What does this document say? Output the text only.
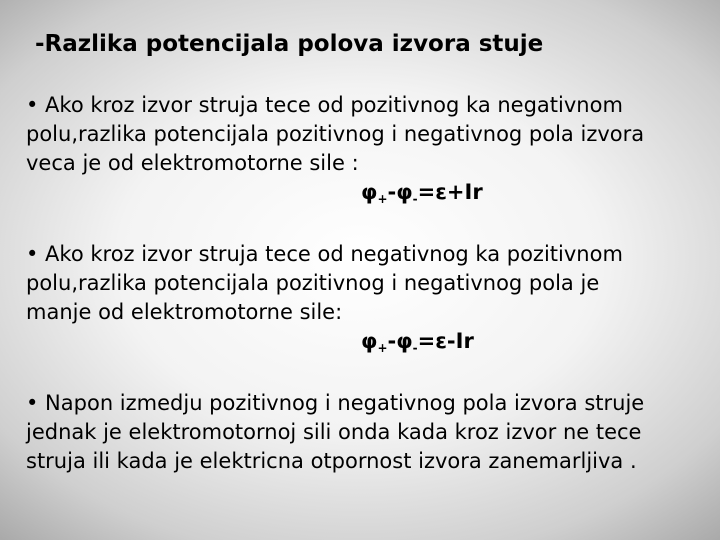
-Razlika potencijala polova izvora stuje
• Ako kroz izvor struja tece od pozitivnog ka negativnom
polu,razlika potencijala pozitivnog i negativnog pola izvora
veca je od elektromotorne sile :
$\varphi_+-\varphi_-=\varepsilon+Ir$
• Ako kroz izvor struja tece od negativnog ka pozitivnom
polu,razlika potencijala pozitivnog i negativnog pola je
manje od elektromotorne sile:
$\varphi_+-\varphi_-=\varepsilon-Ir$
• Napon izmedju pozitivnog i negativnog pola izvora struje
jednak je elektromotornoj sili onda kada kroz izvor ne tece
struja ili kada je elektricna otpornost izvora zanemarljiva .
